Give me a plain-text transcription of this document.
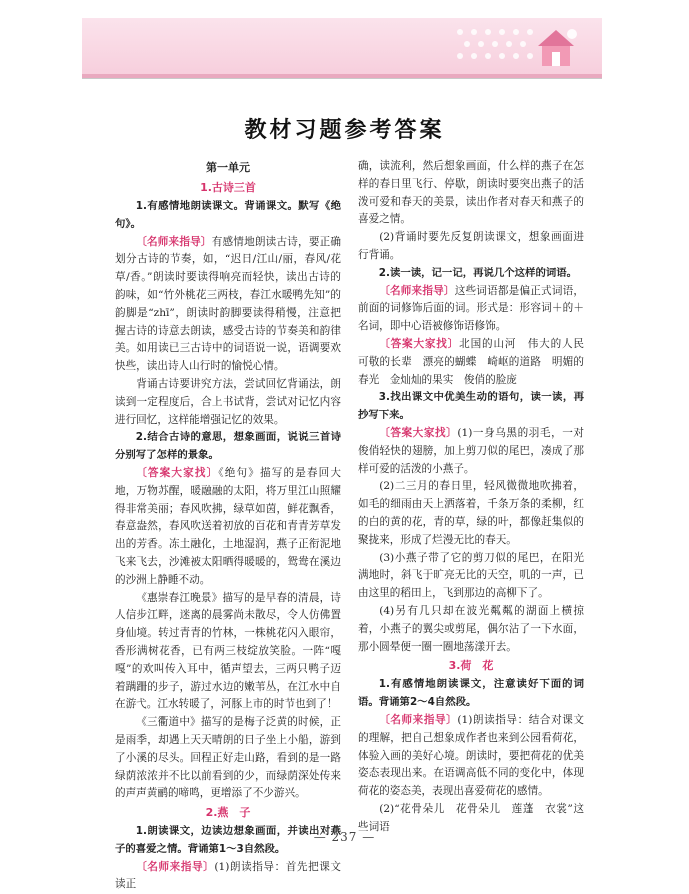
教材习题参考答案

第一单元

1.古诗三首

1.有感情地朗读课文。背诵课文。默写《绝句》。

〔名师来指导〕有感情地朗读古诗，要正确划分古诗的节奏，如，“迟日/江山/丽，春风/花草/香。”朗读时要读得响亮而轻快，读出古诗的韵味，如“竹外桃花三两枝，春江水暖鸭先知”的韵脚是“zhī”，朗读时韵脚要读得稍慢，注意把握古诗的诗意去朗读，感受古诗的节奏美和韵律美。如用读已三古诗中的词语说一说，语调要欢快些，读出诗人山行时的愉悦心情。

背诵古诗要讲究方法，尝试回忆背诵法，朗读到一定程度后，合上书试背，尝试对记忆内容进行回忆，这样能增强记忆的效果。

2.结合古诗的意思，想象画面，说说三首诗分别写了怎样的景象。

〔答案大家找〕《绝句》描写的是春回大地，万物苏醒，暖融融的太阳，将万里江山照耀得非常美丽；春风吹拂，绿草如茵，鲜花飘香，春意盎然，春风吹送着初放的百花和青青芳草发出的芳香。冻土融化，土地湿润，燕子正衔泥地飞来飞去，沙滩被太阳晒得暖暖的，鸳鸯在溪边的沙洲上静睡不动。

《惠崇春江晚景》描写的是早春的清晨，诗人信步江畔，迷离的晨雾尚未散尽，令人仿佛置身仙境。转过青青的竹林，一株桃花闪入眼帘，香形满树花香，已有两三枝绽放笑脸。一阵“嘎嘎”的欢叫传入耳中，循声望去，三两只鸭子迈着蹒跚的步子，游过水边的嫩苇丛，在江水中自在游弋。江水转暖了，河豚上市的时节也到了！

《三衢道中》描写的是梅子泛黄的时候，正是雨季，却遇上天天晴朗的日子坐上小船，游到了小溪的尽头。回程正好走山路，看到的是一路绿荫浓浓并不比以前看到的少，而绿荫深处传来的声声黄鹂的啼鸣，更增添了不少游兴。

2.燕　子

1.朗读课文，边读边想象画面，并读出对燕子的喜爱之情。背诵第1～3自然段。

〔名师来指导〕(1)朗读指导：首先把课文读正

确，读流利，然后想象画面，什么样的燕子在怎样的春日里飞行、停歇，朗读时要突出燕子的活泼可爱和春天的美景，读出作者对春天和燕子的喜爱之情。

(2)背诵时要先反复朗读课文，想象画面进行背诵。

2.读一读，记一记，再说几个这样的词语。

〔名师来指导〕这些词语都是偏正式词语，前面的词修饰后面的词。形式是：形容词＋的＋名词，即中心语被修饰语修饰。

〔答案大家找〕北国的山河　伟大的人民　可敬的长辈　漂亮的蝴蝶　崎岖的道路　明媚的春光　金灿灿的果实　俊俏的脸庞

3.找出课文中优美生动的语句，读一读，再抄写下来。

〔答案大家找〕(1)一身乌黑的羽毛，一对俊俏轻快的翅膀，加上剪刀似的尾巴，凑成了那样可爱的活泼的小燕子。

(2)二三月的春日里，轻风微微地吹拂着，如毛的细雨由天上洒落着，千条万条的柔柳，红的白的黄的花，青的草，绿的叶，都像赶集似的聚拢来，形成了烂漫无比的春天。

(3)小燕子带了它的剪刀似的尾巴，在阳光满地时，斜飞于旷亮无比的天空，叽的一声，已由这里的稻田上，飞到那边的高柳下了。

(4)另有几只却在波光粼粼的湖面上横掠着，小燕子的翼尖或剪尾，偶尔沾了一下水面，那小圆晕便一圈一圈地荡漾开去。

3.荷　花

1.有感情地朗读课文，注意读好下面的词语。背诵第2～4自然段。

〔名师来指导〕(1)朗读指导：结合对课文的理解，把自己想象成作者也来到公园看荷花，体验入画的美好心境。朗读时，要把荷花的优美姿态表现出来。在语调高低不同的变化中，体现荷花的姿态美，表现出喜爱荷花的感情。

(2)“花骨朵儿　花骨朵儿　莲蓬　衣裳”这些词语

— 237 —
